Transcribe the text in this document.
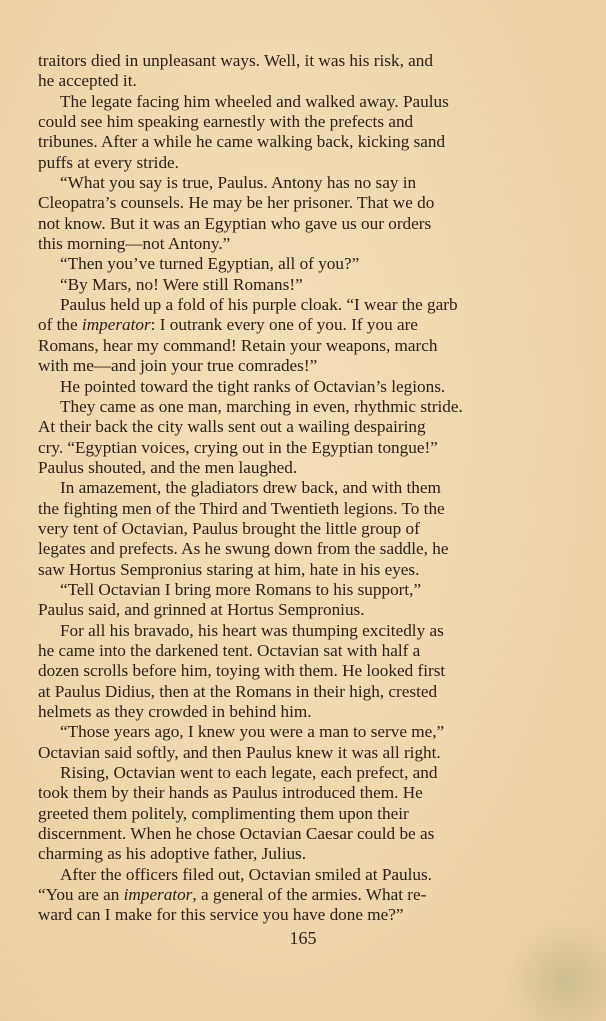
traitors died in unpleasant ways. Well, it was his risk, and
he accepted it.
The legate facing him wheeled and walked away. Paulus
could see him speaking earnestly with the prefects and
tribunes. After a while he came walking back, kicking sand
puffs at every stride.
“What you say is true, Paulus. Antony has no say in
Cleopatra’s counsels. He may be her prisoner. That we do
not know. But it was an Egyptian who gave us our orders
this morning—not Antony.”
“Then you’ve turned Egyptian, all of you?”
“By Mars, no! Were still Romans!”
Paulus held up a fold of his purple cloak. “I wear the garb
of the imperator: I outrank every one of you. If you are
Romans, hear my command! Retain your weapons, march
with me—and join your true comrades!”
He pointed toward the tight ranks of Octavian’s legions.
They came as one man, marching in even, rhythmic stride.
At their back the city walls sent out a wailing despairing
cry. “Egyptian voices, crying out in the Egyptian tongue!”
Paulus shouted, and the men laughed.
In amazement, the gladiators drew back, and with them
the fighting men of the Third and Twentieth legions. To the
very tent of Octavian, Paulus brought the little group of
legates and prefects. As he swung down from the saddle, he
saw Hortus Sempronius staring at him, hate in his eyes.
“Tell Octavian I bring more Romans to his support,”
Paulus said, and grinned at Hortus Sempronius.
For all his bravado, his heart was thumping excitedly as
he came into the darkened tent. Octavian sat with half a
dozen scrolls before him, toying with them. He looked first
at Paulus Didius, then at the Romans in their high, crested
helmets as they crowded in behind him.
“Those years ago, I knew you were a man to serve me,”
Octavian said softly, and then Paulus knew it was all right.
Rising, Octavian went to each legate, each prefect, and
took them by their hands as Paulus introduced them. He
greeted them politely, complimenting them upon their
discernment. When he chose Octavian Caesar could be as
charming as his adoptive father, Julius.
After the officers filed out, Octavian smiled at Paulus.
“You are an imperator, a general of the armies. What re-
ward can I make for this service you have done me?”
165
